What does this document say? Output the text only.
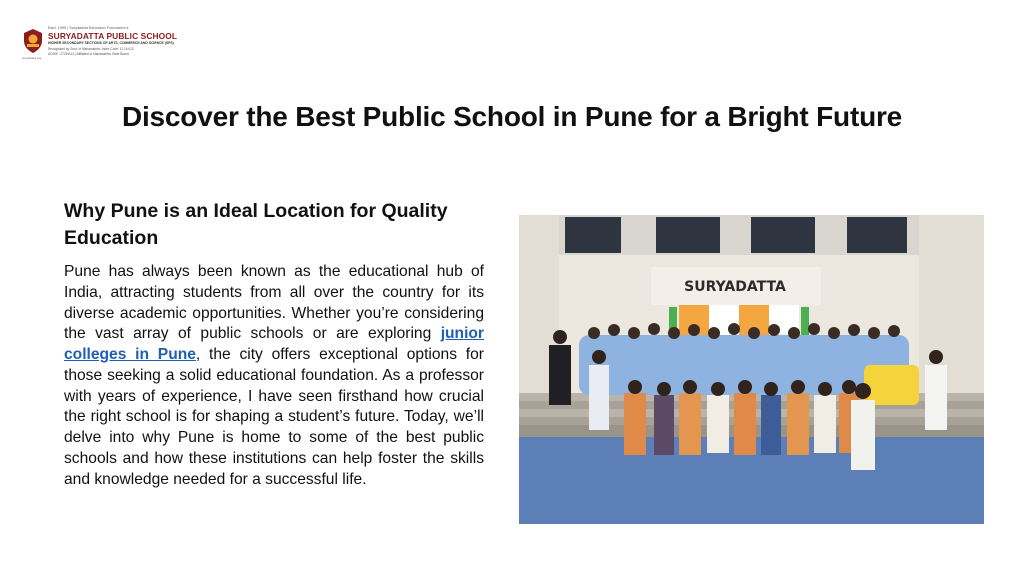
Estd. 1999 | Suryadatta Education Foundation's
SURYADATTA PUBLIC SCHOOL
HIGHER SECONDARY SECTIONS OF ARTS, COMMERCE AND SCIENCE (SPS)
Recognised by Govt. of Maharashtra, Index Code: 11.15.012
UDISE : 27251114 | Affiliated to Maharashtra State Board
suryadatta.org
Discover the Best Public School in Pune for a Bright Future
Why Pune is an Ideal Location for Quality Education

Pune has always been known as the educational hub of India, attracting students from all over the country for its diverse academic opportunities. Whether you’re considering the vast array of public schools or are exploring junior colleges in Pune, the city offers exceptional options for those seeking a solid educational foundation. As a professor with years of experience, I have seen firsthand how crucial the right school is for shaping a student’s future. Today, we’ll delve into why Pune is home to some of the best public schools and how these institutions can help foster the skills and knowledge needed for a successful life.

SURYADATTA
